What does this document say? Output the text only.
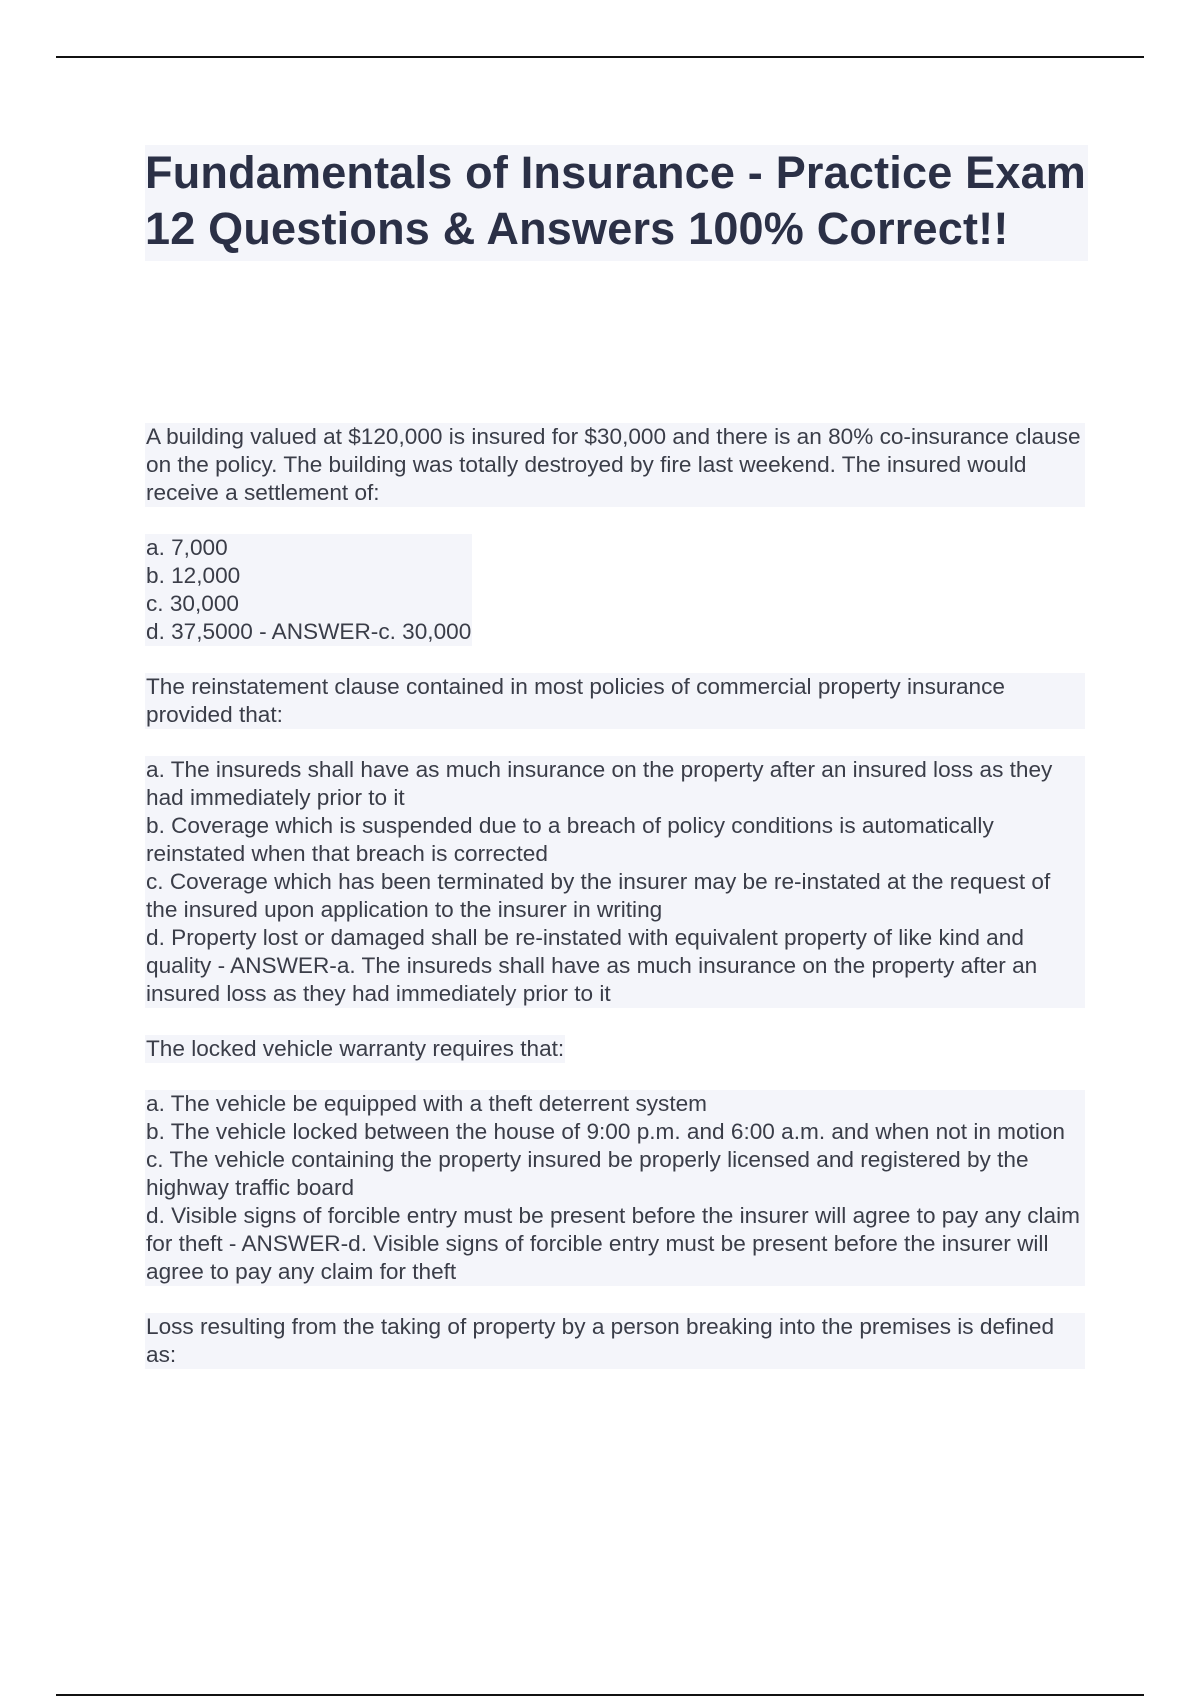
Fundamentals of Insurance - Practice Exam 12 Questions & Answers 100% Correct!!

A building valued at $120,000 is insured for $30,000 and there is an 80% co-insurance clause on the policy. The building was totally destroyed by fire last weekend. The insured would receive a settlement of:

a. 7,000
b. 12,000
c. 30,000
d. 37,5000 - ANSWER-c. 30,000

The reinstatement clause contained in most policies of commercial property insurance provided that:

a. The insureds shall have as much insurance on the property after an insured loss as they had immediately prior to it
b. Coverage which is suspended due to a breach of policy conditions is automatically reinstated when that breach is corrected
c. Coverage which has been terminated by the insurer may be re-instated at the request of the insured upon application to the insurer in writing
d. Property lost or damaged shall be re-instated with equivalent property of like kind and quality - ANSWER-a. The insureds shall have as much insurance on the property after an insured loss as they had immediately prior to it

The locked vehicle warranty requires that:

a. The vehicle be equipped with a theft deterrent system
b. The vehicle locked between the house of 9:00 p.m. and 6:00 a.m. and when not in motion
c. The vehicle containing the property insured be properly licensed and registered by the highway traffic board
d. Visible signs of forcible entry must be present before the insurer will agree to pay any claim for theft - ANSWER-d. Visible signs of forcible entry must be present before the insurer will agree to pay any claim for theft

Loss resulting from the taking of property by a person breaking into the premises is defined as:
